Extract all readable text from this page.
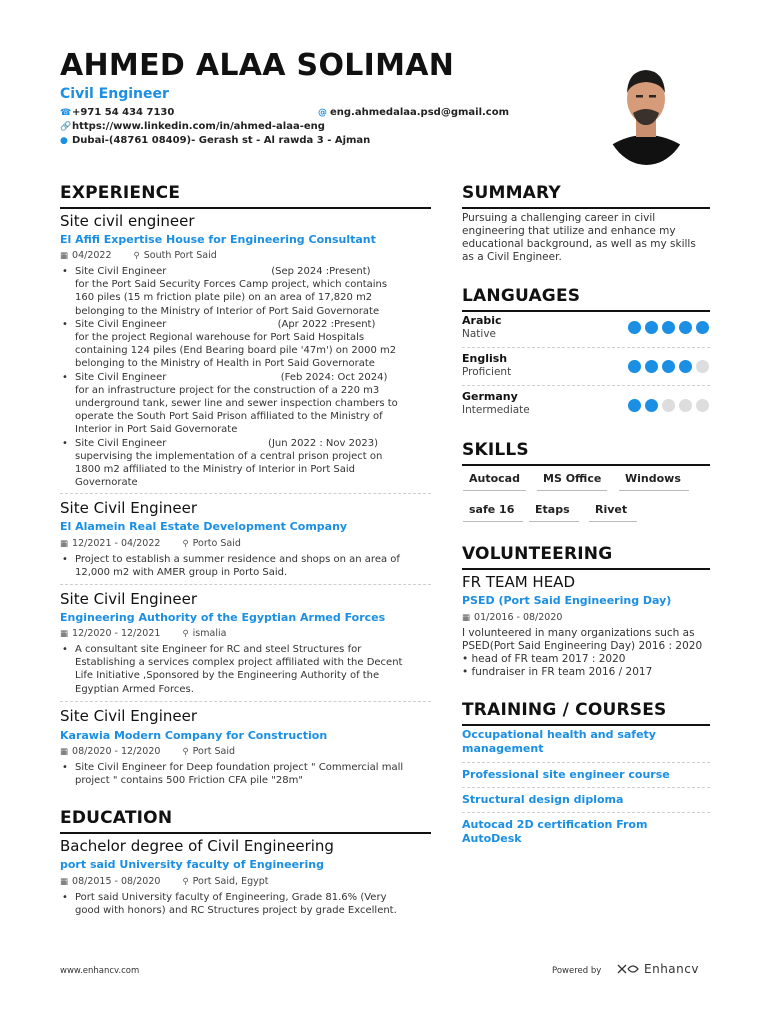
AHMED ALAA SOLIMAN
Civil Engineer
☎ +971 54 434 7130	@ eng.ahmedalaa.psd@gmail.com
🔗 https://www.linkedin.com/in/ahmed-alaa-eng
● Dubai-(48761 08409)- Gerash st - Al rawda 3 - Ajman
EXPERIENCE
Site civil engineer
El Afifi Expertise House for Engineering Consultant
▦ 04/2022	⚲ South Port Said
• Site Civil Engineer                                 (Sep 2024 :Present)
for the Port Said Security Forces Camp project, which contains
160 piles (15 m friction plate pile) on an area of 17,820 m2
belonging to the Ministry of Interior of Port Said Governorate
• Site Civil Engineer                                   (Apr 2022 :Present)
for the project Regional warehouse for Port Said Hospitals
containing 124 piles (End Bearing board pile '47m') on 2000 m2
belonging to the Ministry of Health in Port Said Governorate
• Site Civil Engineer                                    (Feb 2024: Oct 2024)
for an infrastructure project for the construction of a 220 m3
underground tank, sewer line and sewer inspection chambers to
operate the South Port Said Prison affiliated to the Ministry of
Interior in Port Said Governorate
• Site Civil Engineer                                (Jun 2022 : Nov 2023)
supervising the implementation of a central prison project on
1800 m2 affiliated to the Ministry of Interior in Port Said
Governorate
Site Civil Engineer
El Alamein Real Estate Development Company
▦ 12/2021 - 04/2022	⚲ Porto Said
• Project to establish a summer residence and shops on an area of
12,000 m2 with AMER group in Porto Said.
Site Civil Engineer
Engineering Authority of the Egyptian Armed Forces
▦ 12/2020 - 12/2021	⚲ ismalia
• A consultant site Engineer for RC and steel Structures for
Establishing a services complex project affiliated with the Decent
Life Initiative ,Sponsored by the Engineering Authority of the
Egyptian Armed Forces.
Site Civil Engineer
Karawia Modern Company for Construction
▦ 08/2020 - 12/2020	⚲ Port Said
• Site Civil Engineer for Deep foundation project " Commercial mall
project " contains 500 Friction CFA pile "28m"
EDUCATION
Bachelor degree of Civil Engineering
port said University faculty of Engineering
▦ 08/2015 - 08/2020	⚲ Port Said, Egypt
• Port said University faculty of Engineering, Grade 81.6% (Very
good with honors) and RC Structures project by grade Excellent.
SUMMARY
Pursuing a challenging career in civil engineering that utilize and enhance my educational background, as well as my skills as a Civil Engineer.
LANGUAGES
Arabic
Native
English
Proficient
Germany
Intermediate
SKILLS
Autocad	MS Office	Windows
safe 16	Etaps	Rivet
VOLUNTEERING
FR TEAM HEAD
PSED (Port Said Engineering Day)
▦ 01/2016 - 08/2020
I volunteered in many organizations such as
PSED(Port Said Engineering Day) 2016 : 2020
• head of FR team 2017 : 2020
• fundraiser in FR team 2016 / 2017
TRAINING / COURSES
Occupational health and safety management
Professional site engineer course
Structural design diploma
Autocad 2D certification From AutoDesk
www.enhancv.com	Powered by	Enhancv
